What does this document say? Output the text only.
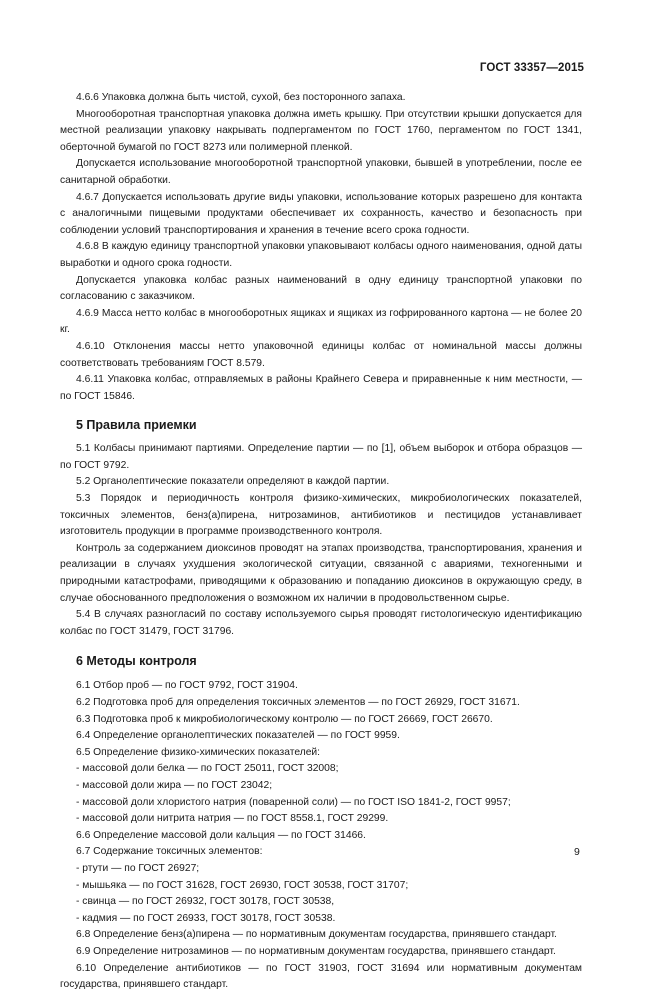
ГОСТ 33357—2015

4.6.6 Упаковка должна быть чистой, сухой, без посторонного запаха.

Многооборотная транспортная упаковка должна иметь крышку. При отсутствии крышки допускается для местной реализации упаковку накрывать подпергаментом по ГОСТ 1760, пергаментом по ГОСТ 1341, оберточной бумагой по ГОСТ 8273 или полимерной пленкой.

Допускается использование многооборотной транспортной упаковки, бывшей в употреблении, после ее санитарной обработки.

4.6.7 Допускается использовать другие виды упаковки, использование которых разрешено для контакта с аналогичными пищевыми продуктами обеспечивает их сохранность, качество и безопасность при соблюдении условий транспортирования и хранения в течение всего срока годности.

4.6.8 В каждую единицу транспортной упаковки упаковывают колбасы одного наименования, одной даты выработки и одного срока годности.

Допускается упаковка колбас разных наименований в одну единицу транспортной упаковки по согласованию с заказчиком.

4.6.9 Масса нетто колбас в многооборотных ящиках и ящиках из гофрированного картона — не более 20 кг.

4.6.10 Отклонения массы нетто упаковочной единицы колбас от номинальной массы должны соответствовать требованиям ГОСТ 8.579.

4.6.11 Упаковка колбас, отправляемых в районы Крайнего Севера и приравненные к ним местности, — по ГОСТ 15846.

5 Правила приемки

5.1 Колбасы принимают партиями. Определение партии — по [1], объем выборок и отбора образцов — по ГОСТ 9792.

5.2 Органолептические показатели определяют в каждой партии.

5.3 Порядок и периодичность контроля физико-химических, микробиологических показателей, токсичных элементов, бенз(а)пирена, нитрозаминов, антибиотиков и пестицидов устанавливает изготовитель продукции в программе производственного контроля.

Контроль за содержанием диоксинов проводят на этапах производства, транспортирования, хранения и реализации в случаях ухудшения экологической ситуации, связанной с авариями, техногенными и природными катастрофами, приводящими к образованию и попаданию диоксинов в окружающую среду, в случае обоснованного предположения о возможном их наличии в продовольственном сырье.

5.4 В случаях разногласий по составу используемого сырья проводят гистологическую идентификацию колбас по ГОСТ 31479, ГОСТ 31796.

6 Методы контроля

6.1 Отбор проб — по ГОСТ 9792, ГОСТ 31904.

6.2 Подготовка проб для определения токсичных элементов — по ГОСТ 26929, ГОСТ 31671.

6.3 Подготовка проб к микробиологическому контролю — по ГОСТ 26669, ГОСТ 26670.

6.4 Определение органолептических показателей — по ГОСТ 9959.

6.5 Определение физико-химических показателей:

- массовой доли белка — по ГОСТ 25011, ГОСТ 32008;

- массовой доли жира — по ГОСТ 23042;

- массовой доли хлористого натрия (поваренной соли) — по ГОСТ ISO 1841-2, ГОСТ 9957;

- массовой доли нитрита натрия — по ГОСТ 8558.1, ГОСТ 29299.

6.6 Определение массовой доли кальция — по ГОСТ 31466.

6.7 Содержание токсичных элементов:

- ртути — по ГОСТ 26927;

- мышьяка — по ГОСТ 31628, ГОСТ 26930, ГОСТ 30538, ГОСТ 31707;

- свинца — по ГОСТ 26932, ГОСТ 30178, ГОСТ 30538,

- кадмия — по ГОСТ 26933, ГОСТ 30178, ГОСТ 30538.

6.8 Определение бенз(а)пирена — по нормативным документам государства, принявшего стандарт.

6.9 Определение нитрозаминов — по нормативным документам государства, принявшего стандарт.

6.10 Определение антибиотиков — по ГОСТ 31903, ГОСТ 31694 или нормативным документам государства, принявшего стандарт.

9
